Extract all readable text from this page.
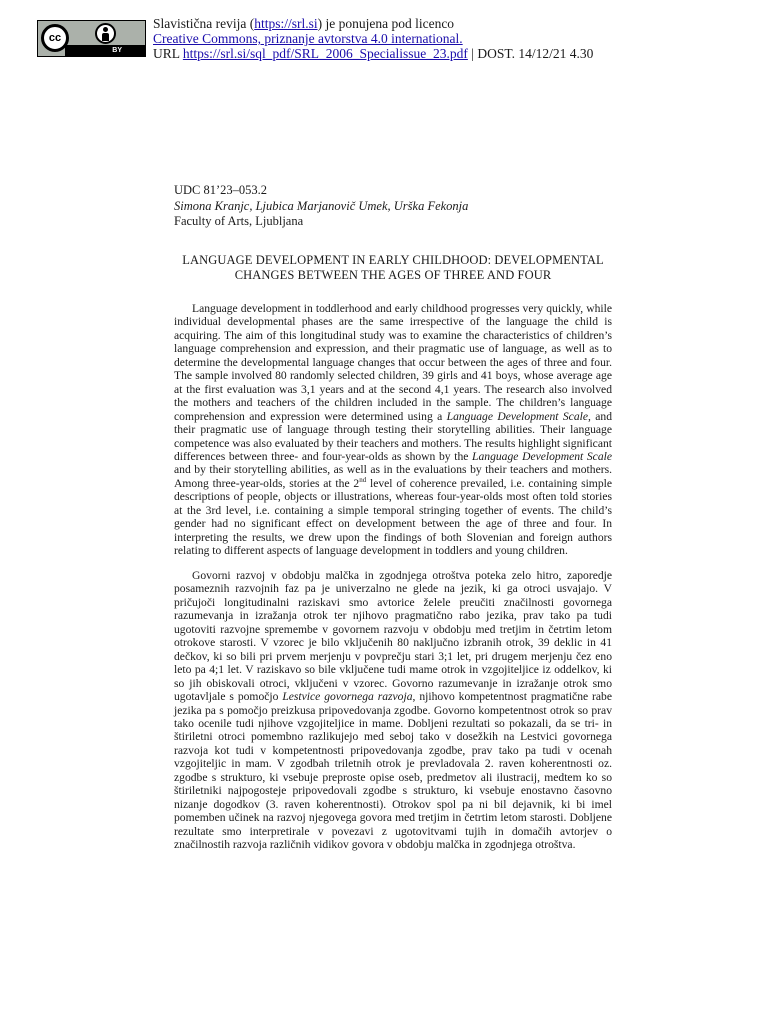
cc
BY
Slavistična revija (https://srl.si) je ponujena pod licenco
Creative Commons, priznanje avtorstva 4.0 international.
URL https://srl.si/sql_pdf/SRL_2006_Specialissue_23.pdf | DOST. 14/12/21 4.30
UDC 81’23–053.2
Simona Kranjc, Ljubica Marjanovič Umek, Urška Fekonja
Faculty of Arts, Ljubljana
LANGUAGE DEVELOPMENT IN EARLY CHILDHOOD: DEVELOPMENTAL
CHANGES BETWEEN THE AGES OF THREE AND FOUR
Language development in toddlerhood and early childhood progresses very quickly, while individual developmental phases are the same irrespective of the language the child is acquiring. The aim of this longitudinal study was to examine the characteristics of children’s language comprehension and expression, and their pragmatic use of language, as well as to determine the developmental language changes that occur between the ages of three and four. The sample involved 80 randomly selected children, 39 girls and 41 boys, whose average age at the first evaluation was 3,1 years and at the second 4,1 years. The research also involved the mothers and teachers of the children included in the sample. The children’s language comprehension and expression were determined using a Language Development Scale, and their pragmatic use of language through testing their storytelling abilities. Their language competence was also evaluated by their teachers and mothers. The results highlight significant differences between three- and four-year-olds as shown by the Language Development Scale and by their storytelling abilities, as well as in the evaluations by their teachers and mothers. Among three-year-olds, stories at the 2nd level of coherence prevailed, i.e. containing simple descriptions of people, objects or illustrations, whereas four-year-olds most often told stories at the 3rd level, i.e. containing a simple temporal stringing together of events. The child’s gender had no significant effect on development between the age of three and four. In interpreting the results, we drew upon the findings of both Slovenian and foreign authors relating to different aspects of language development in toddlers and young children.
Govorni razvoj v obdobju malčka in zgodnjega otroštva poteka zelo hitro, zaporedje posameznih razvojnih faz pa je univerzalno ne glede na jezik, ki ga otroci usvajajo. V pričujoči longitudinalni raziskavi smo avtorice želele preučiti značilnosti govornega razumevanja in izražanja otrok ter njihovo pragmatično rabo jezika, prav tako pa tudi ugotoviti razvojne spremembe v govornem razvoju v obdobju med tretjim in četrtim letom otrokove starosti. V vzorec je bilo vključenih 80 naključno izbranih otrok, 39 deklic in 41 dečkov, ki so bili pri prvem merjenju v povprečju stari 3;1 let, pri drugem merjenju čez eno leto pa 4;1 let. V raziskavo so bile vključene tudi mame otrok in vzgojiteljice iz oddelkov, ki so jih obiskovali otroci, vključeni v vzorec. Govorno razumevanje in izražanje otrok smo ugotavljale s pomočjo Lestvice govornega razvoja, njihovo kompetentnost pragmatične rabe jezika pa s pomočjo preizkusa pripovedovanja zgodbe. Govorno kompetentnost otrok so prav tako ocenile tudi njihove vzgojiteljice in mame. Dobljeni rezultati so pokazali, da se tri- in štiriletni otroci pomembno razlikujejo med seboj tako v dosežkih na Lestvici govornega razvoja kot tudi v kompetentnosti pripovedovanja zgodbe, prav tako pa tudi v ocenah vzgojiteljic in mam. V zgodbah triletnih otrok je prevladovala 2. raven koherentnosti oz. zgodbe s strukturo, ki vsebuje preproste opise oseb, predmetov ali ilustracij, medtem ko so štiriletniki najpogosteje pripovedovali zgodbe s strukturo, ki vsebuje enostavno časovno nizanje dogodkov (3. raven koherentnosti). Otrokov spol pa ni bil dejavnik, ki bi imel pomemben učinek na razvoj njegovega govora med tretjim in četrtim letom starosti. Dobljene rezultate smo interpretirale v povezavi z ugotovitvami tujih in domačih avtorjev o značilnostih razvoja različnih vidikov govora v obdobju malčka in zgodnjega otroštva.
